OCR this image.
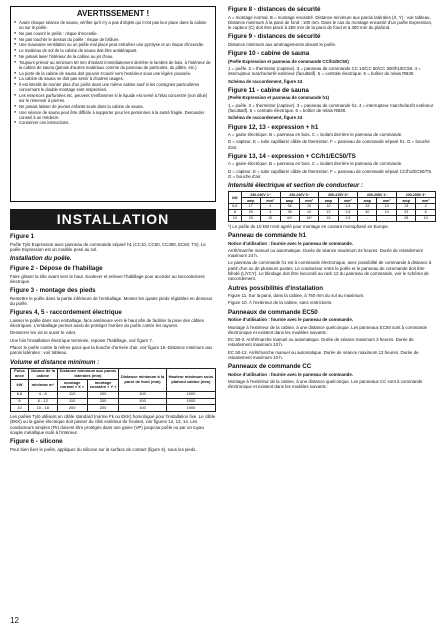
AVERTISSEMENT !
● Avant chaque séance de sauna, vérifier qu'il n'y a pas d'objets qui n'ont pas leur place dans la cabine ou sur le poêle.
● Ne pas couvrir le poêle : risque d'incendie.
● Ne pas toucher le dessus du poêle : risque de brûlure.
● Une mauvaise ventilation ou un poêle mal placé peut entraîner une pyrolyse et un risque d'incendie.
● Le matériau de sol de la cabine de sauna doit être antidérapant.
● Ne jamais laver l'intérieur de la cabine au jet d'eau.
● Toujours prévoir au minimum 50 mm d'isolant immédiatement derrière le lambris de bois, à l'intérieur de la cabine de sauna (jamais d'autres matériaux comme du panneau de particules, du plâtre, etc.)
● La porte de la cabine de sauna doit pouvoir s'ouvrir vers l'extérieur sous une légère poussée.
● La cabine de sauna ne doit pas servir à d'autres usages.
● Il est interdit de monter plus d'un poêle dans une même cabine sauf si les consignes particulières concernant le double montage sont respectées.
● Les essences parfumées etc. peuvent s'enflammer si le liquide est versé à l'état concentré (non dilué) sur le réservoir à pierres.
● Ne jamais laisser de jeunes enfants seuls dans la cabine de sauna.
● Une séance de sauna peut être difficile à supporter pour les personnes à la santé fragile. Demander conseil à un médecin.
● Conserver ces instructions.
INSTALLATION
Figure 1

Poêle Tylö Expression avec panneau de commande séparé h1 (CC10, CC50, CC300, EC50, TS). Le poêle Expression est un modèle posé au sol.

Installation du poêle.
Figure 2 - Dépose de l'habillage

Faire glisser la tôle avant vers le haut. Soulever et enlever l'habillage pour accéder au raccordement électrique.

Figure 3 - montage des pieds

Remettre le poêle dans la partie inférieure de l'emballage. Monter les quatre pieds réglables en dessous du poêle.

Figures 4, 5 - raccordement électrique

Laisser le poêle dans son emballage, face antérieure vers le haut afin de faciliter la pose des câbles électriques. L'emballage permet aussi de protéger l'arrière du poêle contre les rayures.

Desserrer les vis et ouvrir le volet.

Une fois l'installation électrique terminée, reposer l'habillage, voir figure 7.

Placer le poêle contre la même paroi que la bouche d'arrivée d'air, voir figure 16.-Distance minimum aux parois latérales : voir tableau.

Volume et distance minimum :
Puiss ance	Volume de la cabine	Distance minimum aux parois latérales (mm)		Distance minimum à la paroi de fond (mm)	Hauteur minimum sous plafond cabine (mm)
kW	min/max m³	montage normal « X »	montage encastré « Y »		
6,6	4 - 8	110	200	100	1900
8	6 - 12	110	200	100	1900
10	10 - 18	200	200	100	1900

Les poêles Tylö utilisent un câble standard (norme Fk ou EKK) homologué pour l'installation fixe. Le câble (EKK) ou la gaine électrique doit passer du côté extérieur de l'isolant, voir figures 12, 13, 14. Les conducteurs simples (Fk) doivent être protégés dans une gaine (VP) jusqu'au poêle ou par un tuyau souple métallique isolé à l'intérieur.

Figure 6 - silicone

Pour bien fixer le poêle, appliquer du silicone sur la surface de contact (figure 6), sous les pieds.

Figure 8 - distances de sécurité

A = montage normal. B = montage encastré. Distance minimum aux parois latérales (X, Y) : voir tableau. Distance minimum à la paroi de fond : 100 mm. Dans le cas du montage encastré d'un poêle Expression, le capteur (C) doit être placé à 250 mm de la paroi de fond et à 300 mm du plafond.

Figure 9 - distances de sécurité

Distance minimum aux aménagements devant le poêle.

Figure 10 - cabine de sauna

(Poêle Expression et panneau de commande CC/h1/EC50)

1 = poêle. 2 = thermistor (capteur). 3 = panneau de commande CC 10/CC 50/CC 300/h1/EC50. 4 = interrupteur marche/arrêt extérieur (facultatif). 5 = centrale électrique. 6 = boîtier de relais RB30.

Schéma de raccordement, figure 24

Figure 11 - cabine de sauna

(Poêle Expression et panneau de commande h1)

1 = poêle. 2 = thermistor (capteur). 3 = panneau de commande h1. 4 = interrupteur marche/arrêt extérieur (facultatif). 5 = centrale électrique. 6 = boîtier de relais RB30.

Schéma de raccordement, figure 24

Figure 12, 13 - expression + h1

A = gaine électrique. B = panneau en bois. C = isolant derrière le panneau de commande.

D = capteur. E = tube capillaire/ câble de thermistor. F = panneau de commande séparé h1. G = bouche d'air.

Figure 13, 14 - expression + CC/h1/EC50/TS

A = gaine électrique. B = panneau en bois. C = isolant derrière le panneau de commande.

D = capteur. E = tube capillaire/ câble de thermistor. F = panneau de commande séparé CC/h1/EC50/TS. G = bouche d'air.

Intensité électrique et section de conducteur :
kW	230-240V 1~		230-240V 3~		400-415V 3~		200-208V 1~		200-208V 3~	
	amp	mm²	amp	mm²	amp	mm²	amp	mm²	amp	mm²
6,6	17	4	36	10	10	1,5	33	10	19	4
8	20	4	35	10	12	2,5	40	10	23	6
10	25	10	44*	16*	15	2,5	-	-	28	10

*) Le poêle de 10 kW n'est agréé pour montage en courant monophasé en Europe.

Panneau de commande h1

Notice d'utilisation : fournie avec le panneau de commande.

Arrêt/marche manuel ou automatique. Durée de séance maximum 24 heures. Durée de retardement maximum 24 h.

Le panneau de commande h1 est à commande électronique, avec possibilité de commande à distance à partir d'un ou de plusieurs postes. Le conducteur entre le poêle et le panneau de commande doit être blindé (LiYCY). Le blindage doit être raccordé au rack 12 du panneau de commande, voir le schéma de raccordement.

Autres possibilités d'installation

Figure 11. Sur la paroi, dans la cabine, à 760 mm du sol au maximum.

Figure 10. À l'extérieur de la cabine, sans restrictions.

Panneaux de commande EC50

Notice d'utilisation : fournie avec le panneau de commande.

Montage à l'extérieur de la cabine, à une distance quelconque. Les panneaux EC50 sont à commande électronique et existent dans les modèles suivants :

EC 50-3. Arrêt/marche manuel ou automatique. Durée de séance maximum 3 heures. Durée de retardement maximum 10 h.

EC 50-12. Arrêt/marche manuel ou automatique. Durée de séance maximum 12 heures. Durée de retardement maximum 10 h.

Panneaux de commande CC

Notice d'utilisation : fournie avec le panneau de commande.

Montage à l'extérieur de la cabine, à une distance quelconque. Les panneaux CC sont à commande électronique et existent dans les modèles suivants :

12
